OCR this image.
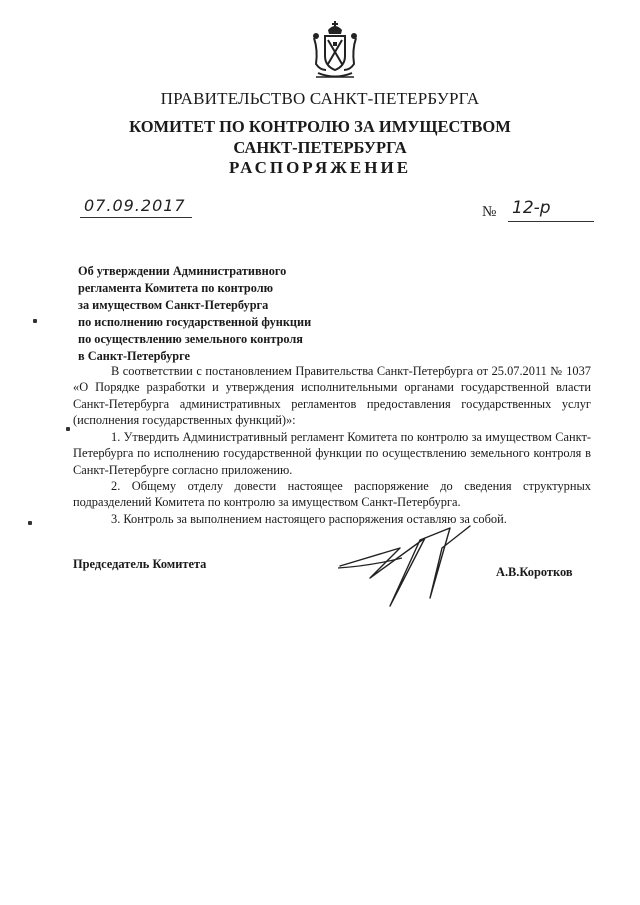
ПРАВИТЕЛЬСТВО САНКТ-ПЕТЕРБУРГА
КОМИТЕТ ПО КОНТРОЛЮ ЗА ИМУЩЕСТВОМ
САНКТ-ПЕТЕРБУРГА
РАСПОРЯЖЕНИЕ
07.09.2017	№ 12-р
Об утверждении Административного
регламента Комитета по контролю
за имуществом Санкт-Петербурга
по исполнению государственной функции
по осуществлению земельного контроля
в Санкт-Петербурге
В соответствии с постановлением Правительства Санкт-Петербурга от 25.07.2011 № 1037 «О Порядке разработки и утверждения исполнительными органами государственной власти Санкт-Петербурга административных регламентов предоставления государственных услуг (исполнения государственных функций)»:
1. Утвердить Административный регламент Комитета по контролю за имуществом Санкт-Петербурга по исполнению государственной функции по осуществлению земельного контроля в Санкт-Петербурге согласно приложению.
2. Общему отделу довести настоящее распоряжение до сведения структурных подразделений Комитета по контролю за имуществом Санкт-Петербурга.
3. Контроль за выполнением настоящего распоряжения оставляю за собой.
Председатель Комитета
А.В.Коротков
